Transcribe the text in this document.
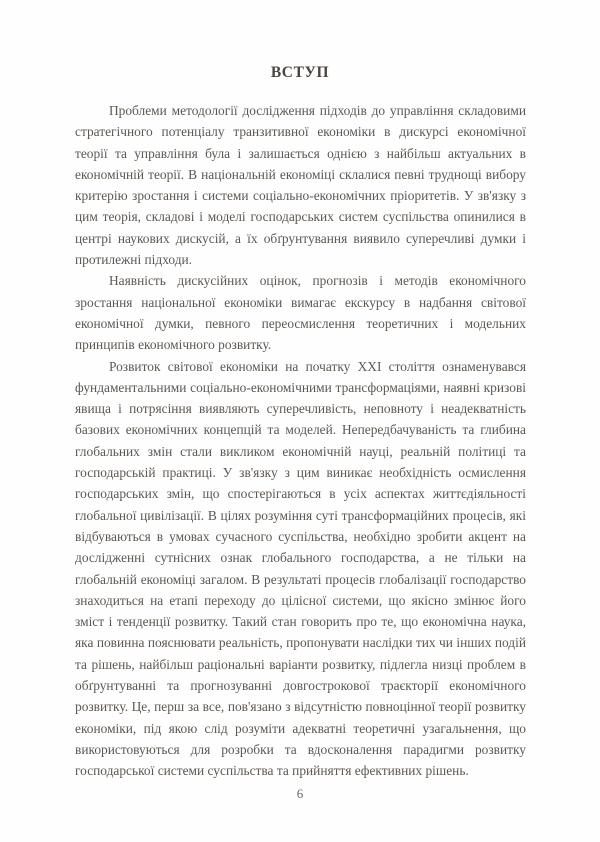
ВСТУП

Проблеми методології дослідження підходів до управління складовими стратегічного потенціалу транзитивної економіки в дискурсі економічної теорії та управління була і залишається однією з найбільш актуальних в економічній теорії. В національній економіці склалися певні труднощі вибору критерію зростання і системи соціально-економічних пріоритетів. У зв'язку з цим теорія, складові і моделі господарських систем суспільства опинилися в центрі наукових дискусій, а їх обґрунтування виявило суперечливі думки і протилежні підходи.

Наявність дискусійних оцінок, прогнозів і методів економічного зростання національної економіки вимагає екскурсу в надбання світової економічної думки, певного переосмислення теоретичних і модельних принципів економічного розвитку.

Розвиток світової економіки на початку XXI століття ознаменувався фундаментальними соціально-економічними трансформаціями, наявні кризові явища і потрясіння виявляють суперечливість, неповноту і неадекватність базових економічних концепцій та моделей. Непередбачуваність та глибина глобальних змін стали викликом економічній науці, реальній політиці та господарській практиці. У зв'язку з цим виникає необхідність осмислення господарських змін, що спостерігаються в усіх аспектах життєдіяльності глобальної цивілізації. В цілях розуміння суті трансформаційних процесів, які відбуваються в умовах сучасного суспільства, необхідно зробити акцент на дослідженні сутнісних ознак глобального господарства, а не тільки на глобальній економіці загалом. В результаті процесів глобалізації господарство знаходиться на етапі переходу до цілісної системи, що якісно змінює його зміст і тенденції розвитку. Такий стан говорить про те, що економічна наука, яка повинна пояснювати реальність, пропонувати наслідки тих чи інших подій та рішень, найбільш раціональні варіанти розвитку, підлегла низці проблем в обґрунтуванні та прогнозуванні довгострокової траєкторії економічного розвитку. Це, перш за все, пов'язано з відсутністю повноцінної теорії розвитку економіки, під якою слід розуміти адекватні теоретичні узагальнення, що використовуються для розробки та вдосконалення парадигми розвитку господарської системи суспільства та прийняття ефективних рішень.

6
